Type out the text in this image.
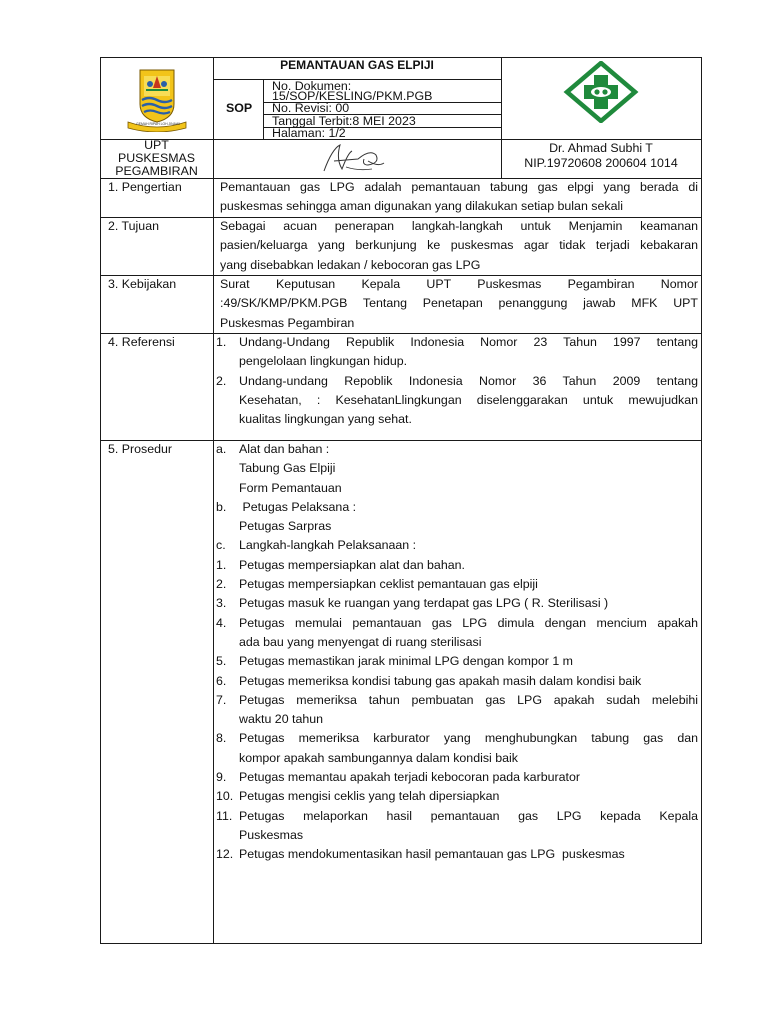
GEMAH RIPAH LOH JINAWI
PEMANTAUAN GAS ELPIJI
SOP
No. Dokumen:
15/SOP/KESLING/PKM.PGB
No. Revisi: 00
Tanggal Terbit:8 MEI 2023
Halaman: 1/2
UPT
PUSKESMAS
PEGAMBIRAN
Dr. Ahmad Subhi T
NIP.19720608 200604 1014
1. Pengertian	Pemantauan gas LPG adalah pemantauan tabung gas elpgi yang berada di
puskesmas sehingga aman digunakan yang dilakukan setiap bulan sekali
2. Tujuan	Sebagai acuan penerapan langkah-langkah untuk Menjamin keamanan
pasien/keluarga yang berkunjung ke puskesmas agar tidak terjadi kebakaran
yang disebabkan ledakan / kebocoran gas LPG
3. Kebijakan	Surat Keputusan Kepala UPT Puskesmas Pegambiran Nomor
:49/SK/KMP/PKM.PGB Tentang Penetapan penanggung jawab MFK UPT
Puskesmas Pegambiran
4. Referensi	1. Undang-Undang Republik Indonesia Nomor 23 Tahun 1997 tentang
pengelolaan lingkungan hidup.
2. Undang-undang Repoblik Indonesia Nomor 36 Tahun 2009 tentang
Kesehatan, : KesehatanLlingkungan diselenggarakan untuk mewujudkan
kualitas lingkungan yang sehat.
5. Prosedur	a. Alat dan bahan :
Tabung Gas Elpiji
Form Pemantauan
b. Petugas Pelaksana :
Petugas Sarpras
c. Langkah-langkah Pelaksanaan :
1. Petugas mempersiapkan alat dan bahan.
2. Petugas mempersiapkan ceklist pemantauan gas elpiji
3. Petugas masuk ke ruangan yang terdapat gas LPG ( R. Sterilisasi )
4. Petugas memulai pemantauan gas LPG dimula dengan mencium apakah
ada bau yang menyengat di ruang sterilisasi
5. Petugas memastikan jarak minimal LPG dengan kompor 1 m
6. Petugas memeriksa kondisi tabung gas apakah masih dalam kondisi baik
7. Petugas memeriksa tahun pembuatan gas LPG apakah sudah melebihi
waktu 20 tahun
8. Petugas memeriksa karburator yang menghubungkan tabung gas dan
kompor apakah sambungannya dalam kondisi baik
9. Petugas memantau apakah terjadi kebocoran pada karburator
10. Petugas mengisi ceklis yang telah dipersiapkan
11. Petugas melaporkan hasil pemantauan gas LPG kepada Kepala
Puskesmas
12. Petugas mendokumentasikan hasil pemantauan gas LPG  puskesmas
